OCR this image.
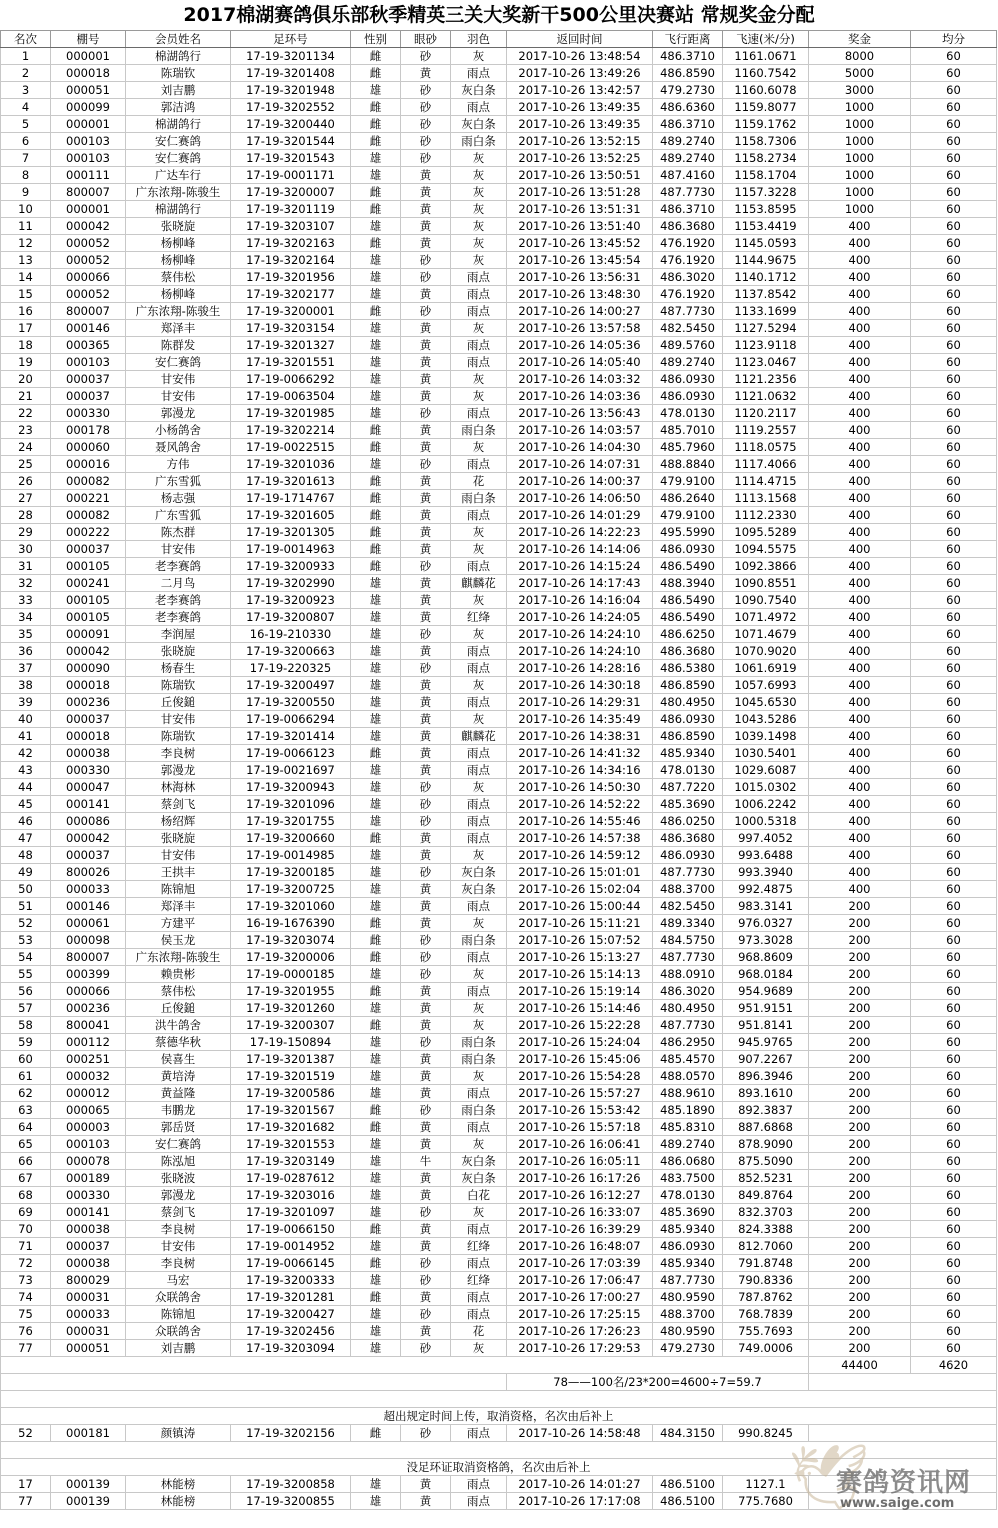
2017棉湖赛鸽俱乐部秋季精英三关大奖新干500公里决赛站 常规奖金分配
名次	棚号	会员姓名	足环号	性别	眼砂	羽色	返回时间	飞行距离	飞速(米/分)	奖金	均分
1	000001	棉湖鸽行	17-19-3201134	雌	砂	灰	2017-10-26 13:48:54	486.3710	1161.0671	8000	60
2	000018	陈瑞钦	17-19-3201408	雌	黄	雨点	2017-10-26 13:49:26	486.8590	1160.7542	5000	60
3	000051	刘吉鹏	17-19-3201948	雄	砂	灰白条	2017-10-26 13:42:57	479.2730	1160.6078	3000	60
4	000099	郭洁鸿	17-19-3202552	雌	砂	雨点	2017-10-26 13:49:35	486.6360	1159.8077	1000	60
5	000001	棉湖鸽行	17-19-3200440	雌	砂	灰白条	2017-10-26 13:49:35	486.3710	1159.1762	1000	60
6	000103	安仁赛鸽	17-19-3201544	雌	砂	雨白条	2017-10-26 13:52:15	489.2740	1158.7306	1000	60
7	000103	安仁赛鸽	17-19-3201543	雄	砂	灰	2017-10-26 13:52:25	489.2740	1158.2734	1000	60
8	000111	广达车行	17-19-0001171	雄	黄	灰	2017-10-26 13:50:51	487.4160	1158.1704	1000	60
9	800007	广东浓翔-陈骏生	17-19-3200007	雌	黄	灰	2017-10-26 13:51:28	487.7730	1157.3228	1000	60
10	000001	棉湖鸽行	17-19-3201119	雌	黄	灰	2017-10-26 13:51:31	486.3710	1153.8595	1000	60
11	000042	张晓旋	17-19-3203107	雄	黄	灰	2017-10-26 13:51:40	486.3680	1153.4419	400	60
12	000052	杨柳峰	17-19-3202163	雌	黄	灰	2017-10-26 13:45:52	476.1920	1145.0593	400	60
13	000052	杨柳峰	17-19-3202164	雄	砂	灰	2017-10-26 13:45:54	476.1920	1144.9675	400	60
14	000066	蔡伟松	17-19-3201956	雄	砂	雨点	2017-10-26 13:56:31	486.3020	1140.1712	400	60
15	000052	杨柳峰	17-19-3202177	雄	黄	雨点	2017-10-26 13:48:30	476.1920	1137.8542	400	60
16	800007	广东浓翔-陈骏生	17-19-3200001	雌	砂	雨点	2017-10-26 14:00:27	487.7730	1133.1699	400	60
17	000146	郑泽丰	17-19-3203154	雄	黄	灰	2017-10-26 13:57:58	482.5450	1127.5294	400	60
18	000365	陈群发	17-19-3201327	雄	黄	雨点	2017-10-26 14:05:36	489.5760	1123.9118	400	60
19	000103	安仁赛鸽	17-19-3201551	雄	黄	雨点	2017-10-26 14:05:40	489.2740	1123.0467	400	60
20	000037	甘安伟	17-19-0066292	雄	黄	灰	2017-10-26 14:03:32	486.0930	1121.2356	400	60
21	000037	甘安伟	17-19-0063504	雄	黄	灰	2017-10-26 14:03:36	486.0930	1121.0632	400	60
22	000330	郭漫龙	17-19-3201985	雄	砂	雨点	2017-10-26 13:56:43	478.0130	1120.2117	400	60
23	000178	小杨鸽舍	17-19-3202214	雌	黄	雨白条	2017-10-26 14:03:57	485.7010	1119.2557	400	60
24	000060	聂风鸽舍	17-19-0022515	雌	黄	灰	2017-10-26 14:04:30	485.7960	1118.0575	400	60
25	000016	方伟	17-19-3201036	雄	砂	雨点	2017-10-26 14:07:31	488.8840	1117.4066	400	60
26	000082	广东雪狐	17-19-3201613	雌	黄	花	2017-10-26 14:00:37	479.9100	1114.4715	400	60
27	000221	杨志强	17-19-1714767	雌	黄	雨白条	2017-10-26 14:06:50	486.2640	1113.1568	400	60
28	000082	广东雪狐	17-19-3201605	雌	黄	雨点	2017-10-26 14:01:29	479.9100	1112.2330	400	60
29	000222	陈杰群	17-19-3201305	雌	黄	灰	2017-10-26 14:22:23	495.5990	1095.5289	400	60
30	000037	甘安伟	17-19-0014963	雌	黄	灰	2017-10-26 14:14:06	486.0930	1094.5575	400	60
31	000105	老李赛鸽	17-19-3200933	雌	砂	雨点	2017-10-26 14:15:24	486.5490	1092.3866	400	60
32	000241	二月鸟	17-19-3202990	雄	黄	麒麟花	2017-10-26 14:17:43	488.3940	1090.8551	400	60
33	000105	老李赛鸽	17-19-3200923	雄	黄	灰	2017-10-26 14:16:04	486.5490	1090.7540	400	60
34	000105	老李赛鸽	17-19-3200807	雄	黄	红绛	2017-10-26 14:24:05	486.5490	1071.4972	400	60
35	000091	李润屋	16-19-210330	雄	砂	灰	2017-10-26 14:24:10	486.6250	1071.4679	400	60
36	000042	张晓旋	17-19-3200663	雄	黄	雨点	2017-10-26 14:24:10	486.3680	1070.9020	400	60
37	000090	杨春生	17-19-220325	雄	砂	雨点	2017-10-26 14:28:16	486.5380	1061.6919	400	60
38	000018	陈瑞钦	17-19-3200497	雄	黄	灰	2017-10-26 14:30:18	486.8590	1057.6993	400	60
39	000236	丘俊鎚	17-19-3200550	雄	黄	雨点	2017-10-26 14:29:31	480.4950	1045.6530	400	60
40	000037	甘安伟	17-19-0066294	雄	黄	灰	2017-10-26 14:35:49	486.0930	1043.5286	400	60
41	000018	陈瑞钦	17-19-3201414	雄	黄	麒麟花	2017-10-26 14:38:31	486.8590	1039.1498	400	60
42	000038	李良树	17-19-0066123	雌	黄	雨点	2017-10-26 14:41:32	485.9340	1030.5401	400	60
43	000330	郭漫龙	17-19-0021697	雄	黄	雨点	2017-10-26 14:34:16	478.0130	1029.6087	400	60
44	000047	林海林	17-19-3200943	雄	砂	灰	2017-10-26 14:50:30	487.7220	1015.0302	400	60
45	000141	蔡剑飞	17-19-3201096	雄	砂	雨点	2017-10-26 14:52:22	485.3690	1006.2242	400	60
46	000086	杨绍辉	17-19-3201755	雄	砂	雨点	2017-10-26 14:55:46	486.0250	1000.5318	400	60
47	000042	张晓旋	17-19-3200660	雌	黄	雨点	2017-10-26 14:57:38	486.3680	997.4052	400	60
48	000037	甘安伟	17-19-0014985	雄	黄	灰	2017-10-26 14:59:12	486.0930	993.6488	400	60
49	800026	王拱丰	17-19-3200185	雄	砂	灰白条	2017-10-26 15:01:01	487.7730	993.3940	400	60
50	000033	陈锦旭	17-19-3200725	雄	黄	灰白条	2017-10-26 15:02:04	488.3700	992.4875	400	60
51	000146	郑泽丰	17-19-3201060	雄	黄	雨点	2017-10-26 15:00:44	482.5450	983.3141	200	60
52	000061	方建平	16-19-1676390	雌	黄	灰	2017-10-26 15:11:21	489.3340	976.0327	200	60
53	000098	侯玉龙	17-19-3203074	雌	砂	雨白条	2017-10-26 15:07:52	484.5750	973.3028	200	60
54	800007	广东浓翔-陈骏生	17-19-3200006	雌	砂	雨点	2017-10-26 15:13:27	487.7730	968.8609	200	60
55	000399	赖贵彬	17-19-0000185	雄	砂	灰	2017-10-26 15:14:13	488.0910	968.0184	200	60
56	000066	蔡伟松	17-19-3201955	雌	黄	雨点	2017-10-26 15:19:14	486.3020	954.9689	200	60
57	000236	丘俊鎚	17-19-3201260	雄	黄	灰	2017-10-26 15:14:46	480.4950	951.9151	200	60
58	800041	洪牛鸽舍	17-19-3200307	雌	黄	灰	2017-10-26 15:22:28	487.7730	951.8141	200	60
59	000112	蔡德华秋	17-19-150894	雄	砂	雨白条	2017-10-26 15:24:04	486.2950	945.9765	200	60
60	000251	侯喜生	17-19-3201387	雄	黄	雨白条	2017-10-26 15:45:06	485.4570	907.2267	200	60
61	000032	黄培涛	17-19-3201519	雄	黄	灰	2017-10-26 15:54:28	488.0570	896.3946	200	60
62	000012	黄益隆	17-19-3200586	雄	黄	雨点	2017-10-26 15:57:27	488.9610	893.1610	200	60
63	000065	韦鹏龙	17-19-3201567	雌	砂	雨白条	2017-10-26 15:53:42	485.1890	892.3837	200	60
64	000003	郭岳贤	17-19-3201682	雌	黄	雨点	2017-10-26 15:57:18	485.8310	887.6868	200	60
65	000103	安仁赛鸽	17-19-3201553	雄	黄	灰	2017-10-26 16:06:41	489.2740	878.9090	200	60
66	000078	陈泓旭	17-19-3203149	雄	牛	灰白条	2017-10-26 16:05:11	486.0680	875.5090	200	60
67	000189	张晓波	17-19-0287612	雄	黄	灰白条	2017-10-26 16:17:26	483.7500	852.5231	200	60
68	000330	郭漫龙	17-19-3203016	雄	黄	白花	2017-10-26 16:12:27	478.0130	849.8764	200	60
69	000141	蔡剑飞	17-19-3201097	雄	砂	灰	2017-10-26 16:33:07	485.3690	832.3703	200	60
70	000038	李良树	17-19-0066150	雌	黄	雨点	2017-10-26 16:39:29	485.9340	824.3388	200	60
71	000037	甘安伟	17-19-0014952	雄	黄	红绛	2017-10-26 16:48:07	486.0930	812.7060	200	60
72	000038	李良树	17-19-0066145	雌	砂	雨点	2017-10-26 17:03:39	485.9340	791.8748	200	60
73	800029	马宏	17-19-3200333	雄	砂	红绛	2017-10-26 17:06:47	487.7730	790.8336	200	60
74	000031	众联鸽舍	17-19-3201281	雌	黄	雨点	2017-10-26 17:00:27	480.9590	787.8762	200	60
75	000033	陈锦旭	17-19-3200427	雄	砂	雨点	2017-10-26 17:25:15	488.3700	768.7839	200	60
76	000031	众联鸽舍	17-19-3202456	雄	黄	花	2017-10-26 17:26:23	480.9590	755.7693	200	60
77	000051	刘吉鹏	17-19-3203094	雄	砂	灰	2017-10-26 17:29:53	479.2730	749.0006	200	60
										44400	4620
							78——100名/23*200=4600÷7=59.7				

超出规定时间上传，取消资格，名次由后补上											
52	000181	颜镇涛	17-19-3202156	雌	砂	雨点	2017-10-26 14:58:48	484.3150	990.8245		

没足环证取消资格鸽，名次由后补上											
17	000139	林能榜	17-19-3200858	雄	黄	雨点	2017-10-26 14:01:27	486.5100	1127.1		
77	000139	林能榜	17-19-3200855	雄	黄	雨点	2017-10-26 17:17:08	486.5100	775.7680		
🕊
赛鸽资讯网
www.saige.com
